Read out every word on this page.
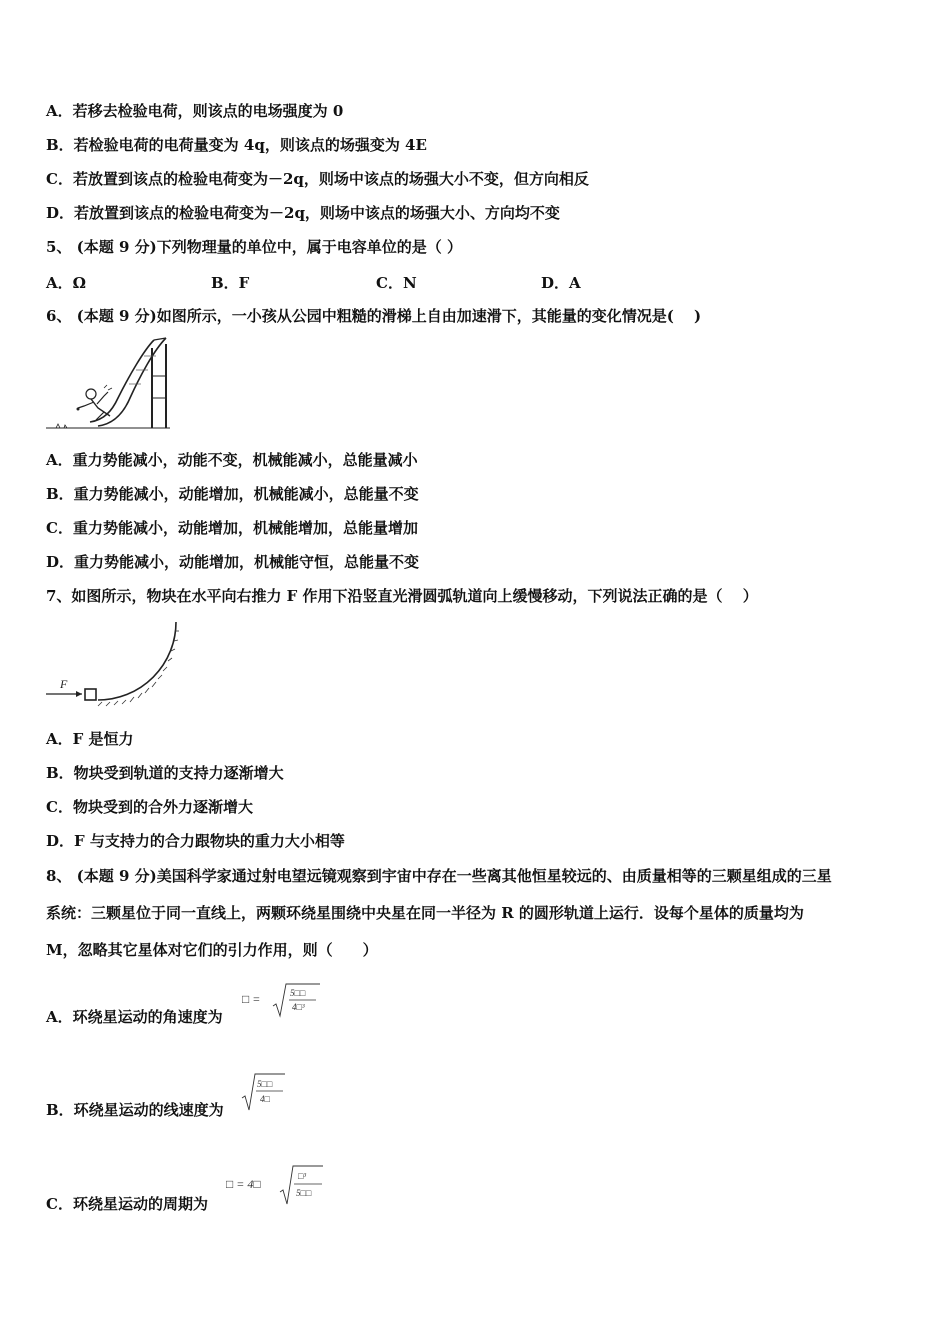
A．若移去检验电荷，则该点的电场强度为 0
B．若检验电荷的电荷量变为 4q，则该点的场强变为 4E
C．若放置到该点的检验电荷变为－2q，则场中该点的场强大小不变，但方向相反
D．若放置到该点的检验电荷变为－2q，则场中该点的场强大小、方向均不变
5、 (本题 9 分)下列物理量的单位中，属于电容单位的是（ ）
A．Ω	B．F	C．N	D．A
6、 (本题 9 分)如图所示，一小孩从公园中粗糙的滑梯上自由加速滑下，其能量的变化情况是(　 )
A．重力势能减小，动能不变，机械能减小，总能量减小
B．重力势能减小，动能增加，机械能减小，总能量不变
C．重力势能减小，动能增加，机械能增加，总能量增加
D．重力势能减小，动能增加，机械能守恒，总能量不变
7、如图所示，物块在水平向右推力 F 作用下沿竖直光滑圆弧轨道向上缓慢移动，下列说法正确的是（　 ）
F
A．F 是恒力
B．物块受到轨道的支持力逐渐增大
C．物块受到的合外力逐渐增大
D．F 与支持力的合力跟物块的重力大小相等
8、 (本题 9 分)美国科学家通过射电望远镜观察到宇宙中存在一些离其他恒星较远的、由质量相等的三颗星组成的三星
系统：三颗星位于同一直线上，两颗环绕星围绕中央星在同一半径为 R 的圆形轨道上运行．设每个星体的质量均为
M，忽略其它星体对它们的引力作用，则（　　）
A．环绕星运动的角速度为
□ =	5□□
4□³
B．环绕星运动的线速度为
5□□
4□
C．环绕星运动的周期为
□ = 4□
□³
5□□
